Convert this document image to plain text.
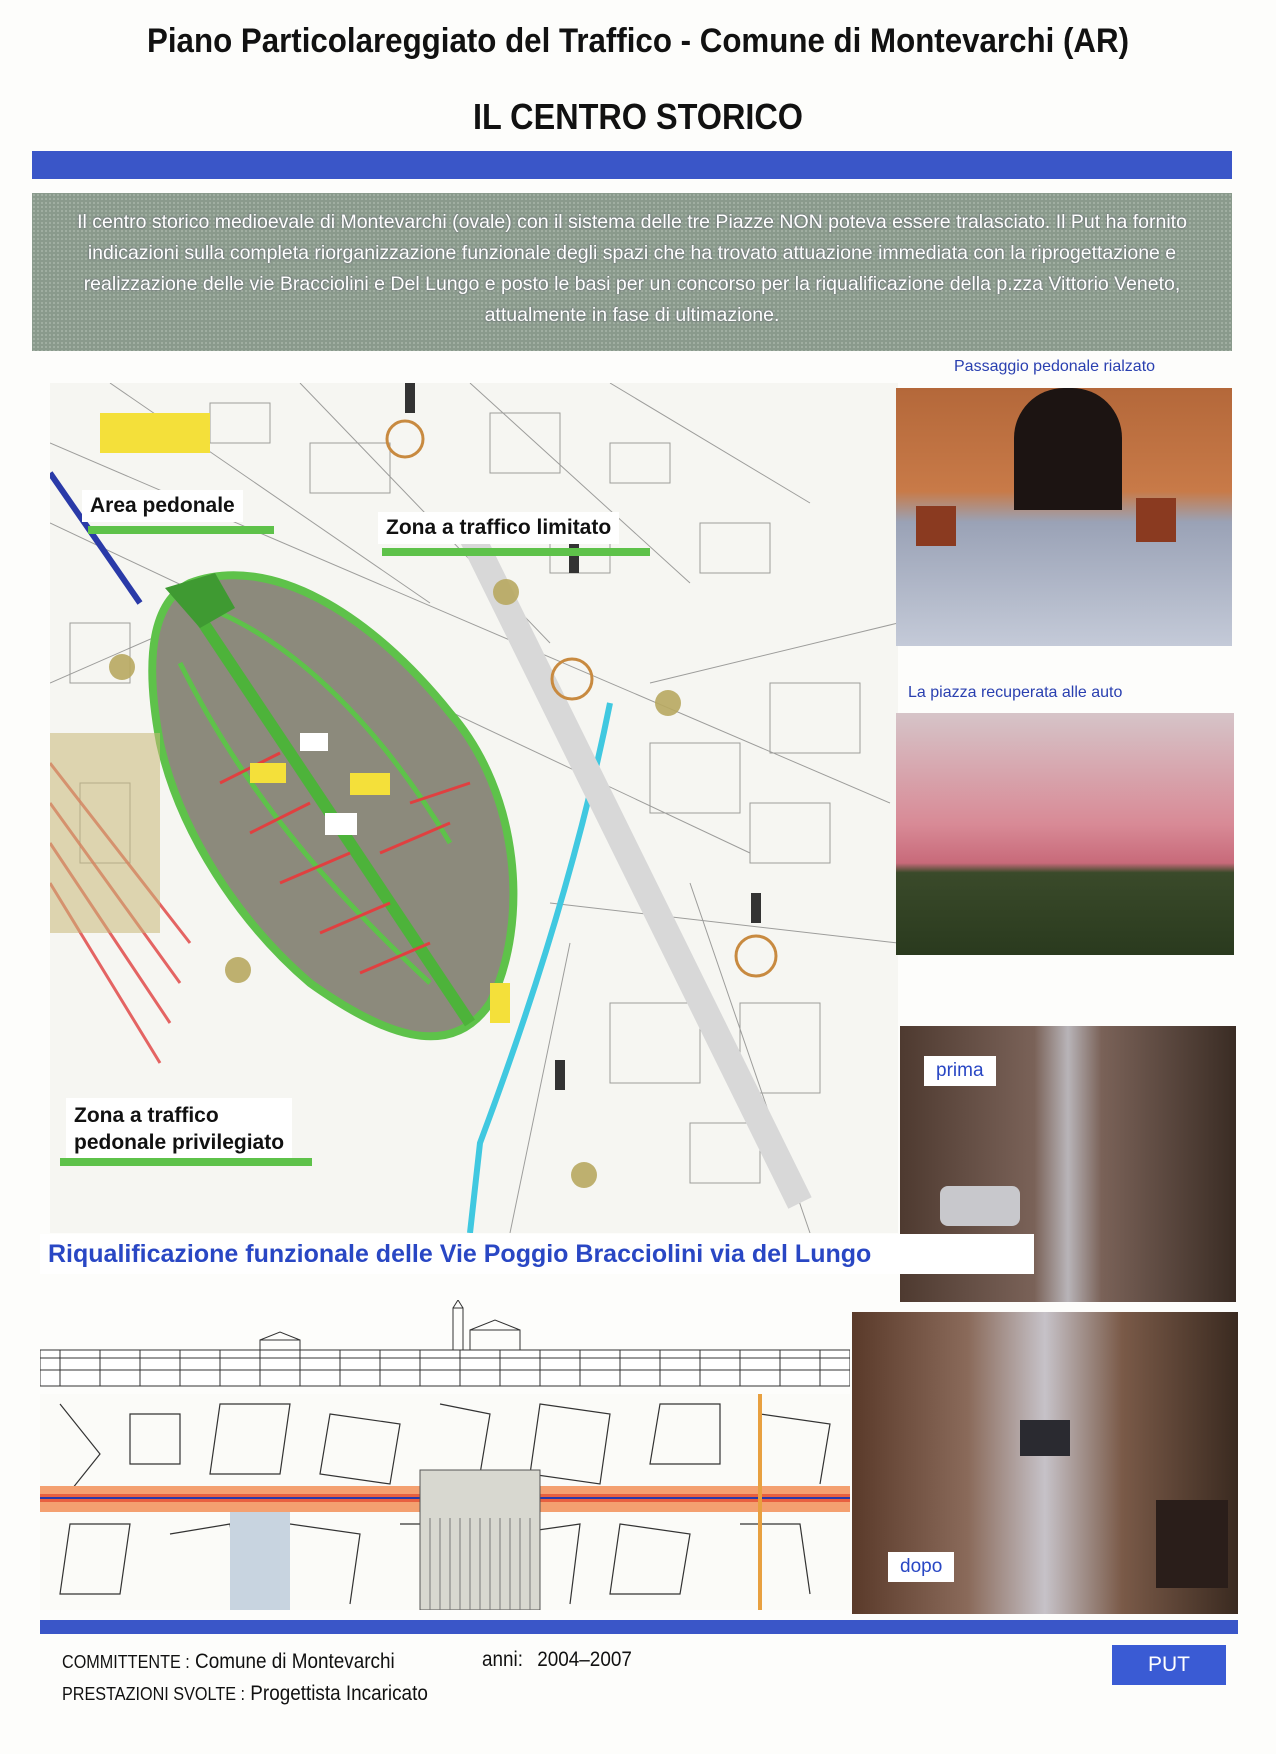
Piano Particolareggiato del Traffico - Comune di Montevarchi (AR)
IL CENTRO STORICO
Il centro storico medioevale di Montevarchi (ovale) con il sistema delle tre Piazze NON poteva essere tralasciato. Il Put ha fornito indicazioni sulla completa riorganizzazione funzionale degli spazi che ha trovato attuazione immediata con la riprogettazione e realizzazione delle vie Bracciolini e Del Lungo e posto le basi per un concorso per la riqualificazione della p.zza Vittorio Veneto, attualmente in fase di ultimazione.
Area pedonale
Zona a traffico limitato
Zona a traffico
pedonale privilegiato
Passaggio pedonale rialzato
La piazza recuperata alle auto
prima
dopo
Riqualificazione funzionale delle Vie Poggio Bracciolini via del Lungo
COMMITTENTE : Comune di Montevarchi	anni: 2004–2007
PRESTAZIONI SVOLTE : Progettista Incaricato
PUT
